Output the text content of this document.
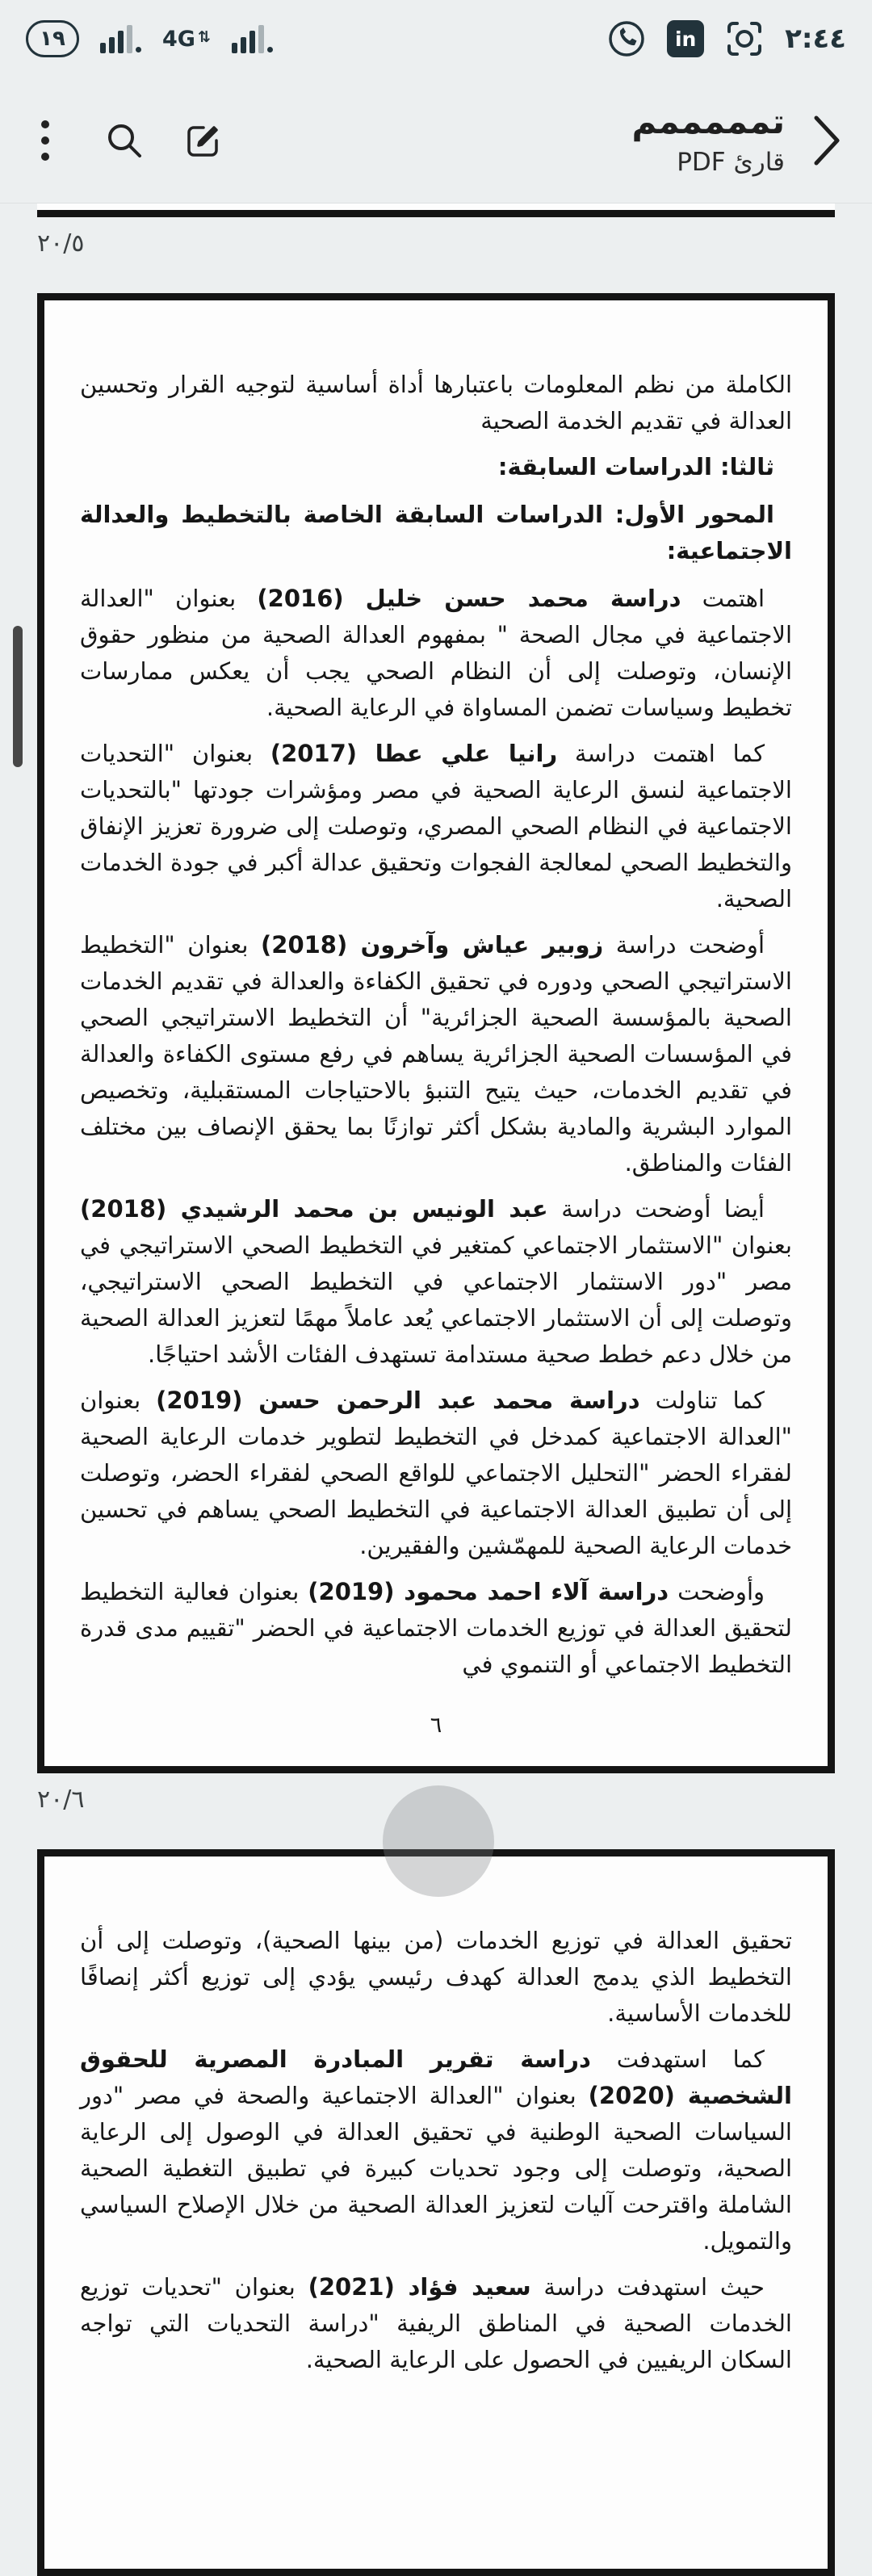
١٩	4G ⇅	in	٢:٤٤
تمممممم
قارئ PDF
٢٠/٥

الكاملة من نظم المعلومات باعتبارها أداة أساسية لتوجيه القرار وتحسين العدالة في تقديم الخدمة الصحية

ثالثا: الدراسات السابقة:

المحور الأول: الدراسات السابقة الخاصة بالتخطيط والعدالة الاجتماعية:

اهتمت دراسة محمد حسن خليل (2016) بعنوان "العدالة الاجتماعية في مجال الصحة " بمفهوم العدالة الصحية من منظور حقوق الإنسان، وتوصلت إلى أن النظام الصحي يجب أن يعكس ممارسات تخطيط وسياسات تضمن المساواة في الرعاية الصحية.

كما اهتمت دراسة رانيا علي عطا (2017) بعنوان "التحديات الاجتماعية لنسق الرعاية الصحية في مصر ومؤشرات جودتها "بالتحديات الاجتماعية في النظام الصحي المصري، وتوصلت إلى ضرورة تعزيز الإنفاق والتخطيط الصحي لمعالجة الفجوات وتحقيق عدالة أكبر في جودة الخدمات الصحية.

أوضحت دراسة زوبير عياش وآخرون (2018) بعنوان "التخطيط الاستراتيجي الصحي ودوره في تحقيق الكفاءة والعدالة في تقديم الخدمات الصحية بالمؤسسة الصحية الجزائرية" أن التخطيط الاستراتيجي الصحي في المؤسسات الصحية الجزائرية يساهم في رفع مستوى الكفاءة والعدالة في تقديم الخدمات، حيث يتيح التنبؤ بالاحتياجات المستقبلية، وتخصيص الموارد البشرية والمادية بشكل أكثر توازنًا بما يحقق الإنصاف بين مختلف الفئات والمناطق.

أيضا أوضحت دراسة عبد الونيس بن محمد الرشيدي (2018) بعنوان "الاستثمار الاجتماعي كمتغير في التخطيط الصحي الاستراتيجي في مصر "دور الاستثمار الاجتماعي في التخطيط الصحي الاستراتيجي، وتوصلت إلى أن الاستثمار الاجتماعي يُعد عاملاً مهمًا لتعزيز العدالة الصحية من خلال دعم خطط صحية مستدامة تستهدف الفئات الأشد احتياجًا.

كما تناولت دراسة محمد عبد الرحمن حسن (2019) بعنوان "العدالة الاجتماعية كمدخل في التخطيط لتطوير خدمات الرعاية الصحية لفقراء الحضر "التحليل الاجتماعي للواقع الصحي لفقراء الحضر، وتوصلت إلى أن تطبيق العدالة الاجتماعية في التخطيط الصحي يساهم في تحسين خدمات الرعاية الصحية للمهمّشين والفقيرين.

وأوضحت دراسة آلاء احمد محمود (2019) بعنوان فعالية التخطيط لتحقيق العدالة في توزيع الخدمات الاجتماعية في الحضر "تقييم مدى قدرة التخطيط الاجتماعي أو التنموي في

٦
٢٠/٦

تحقيق العدالة في توزيع الخدمات (من بينها الصحية)، وتوصلت إلى أن التخطيط الذي يدمج العدالة كهدف رئيسي يؤدي إلى توزيع أكثر إنصافًا للخدمات الأساسية.

كما استهدفت دراسة تقرير المبادرة المصرية للحقوق الشخصية (2020) بعنوان "العدالة الاجتماعية والصحة في مصر "دور السياسات الصحية الوطنية في تحقيق العدالة في الوصول إلى الرعاية الصحية، وتوصلت إلى وجود تحديات كبيرة في تطبيق التغطية الصحية الشاملة واقترحت آليات لتعزيز العدالة الصحية من خلال الإصلاح السياسي والتمويل.

حيث استهدفت دراسة سعيد فؤاد (2021) بعنوان "تحديات توزيع الخدمات الصحية في المناطق الريفية "دراسة التحديات التي تواجه السكان الريفيين في الحصول على الرعاية الصحية.
